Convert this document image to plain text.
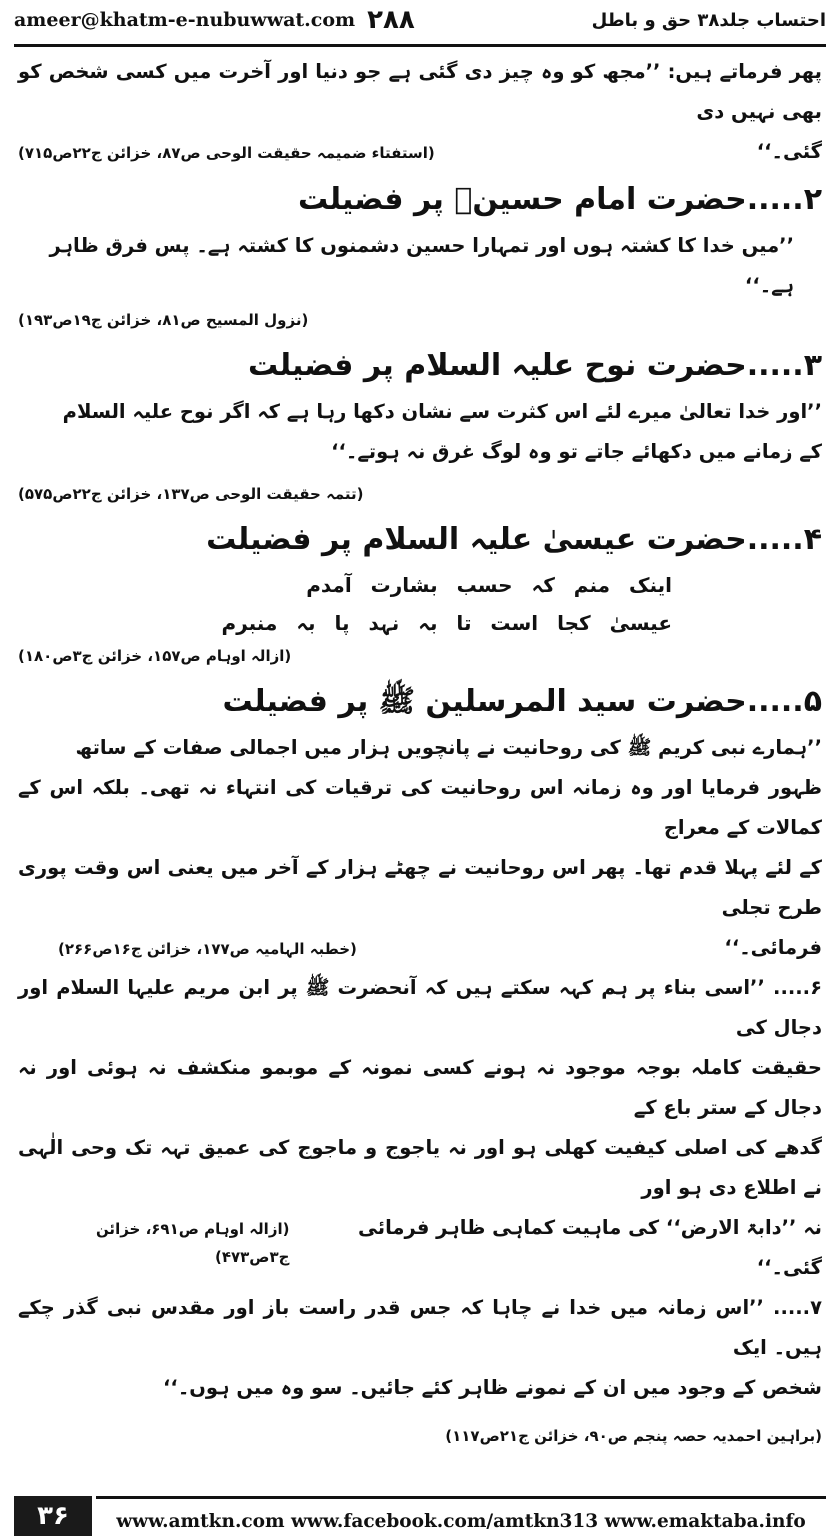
ameer@khatm-e-nubuwwat.com ۲۸۸	احتساب جلد۳۸ حق و باطل
پھر فرماتے ہیں: ’’مجھ کو وہ چیز دی گئی ہے جو دنیا اور آخرت میں کسی شخص کو بھی نہیں دی
گئی۔‘‘
(استفتاء ضمیمہ حقیقت الوحی ص۸۷، خزائن ج۲۲ص۷۱۵)
۲.....حضرت امام حسینؓ پر فضیلت
’’میں خدا کا کشتہ ہوں اور تمہارا حسین دشمنوں کا کشتہ ہے۔ پس فرق ظاہر ہے۔‘‘
(نزول المسیح ص۸۱، خزائن ج۱۹ص۱۹۳)
۳.....حضرت نوح علیہ السلام پر فضیلت
’’اور خدا تعالیٰ میرے لئے اس کثرت سے نشان دکھا رہا ہے کہ اگر نوح علیہ السلام
کے زمانے میں دکھائے جاتے تو وہ لوگ غرق نہ ہوتے۔‘‘
(تتمہ حقیقت الوحی ص۱۳۷، خزائن ج۲۲ص۵۷۵)
۴.....حضرت عیسیٰ علیہ السلام پر فضیلت
اینک منم کہ حسب بشارت آمدم
عیسیٰ کجا است تا بہ نہد پا بہ منبرم
(ازالہ اوہام ص۱۵۷، خزائن ج۳ص۱۸۰)
۵.....حضرت سید المرسلین ﷺ پر فضیلت
’’ہمارے نبی کریم ﷺ کی روحانیت نے پانچویں ہزار میں اجمالی صفات کے ساتھ
ظہور فرمایا اور وہ زمانہ اس روحانیت کی ترقیات کی انتہاء نہ تھی۔ بلکہ اس کے کمالات کے معراج
کے لئے پہلا قدم تھا۔ پھر اس روحانیت نے چھٹے ہزار کے آخر میں یعنی اس وقت پوری طرح تجلی
فرمائی۔‘‘
(خطبہ الہامیہ ص۱۷۷، خزائن ج۱۶ص۲۶۶)
۶..... ’’اسی بناء پر ہم کہہ سکتے ہیں کہ آنحضرت ﷺ پر ابن مریم علیہا السلام اور دجال کی
حقیقت کاملہ بوجہ موجود نہ ہونے کسی نمونہ کے موبمو منکشف نہ ہوئی اور نہ دجال کے ستر باع کے
گدھے کی اصلی کیفیت کھلی ہو اور نہ یاجوج و ماجوج کی عمیق تہہ تک وحی الٰہی نے اطلاع دی ہو اور
نہ ’’دابۃ الارض‘‘ کی ماہیت کماہی ظاہر فرمائی گئی۔‘‘
(ازالہ اوہام ص۶۹۱، خزائن ج۳ص۴۷۳)
۷..... ’’اس زمانہ میں خدا نے چاہا کہ جس قدر راست باز اور مقدس نبی گذر چکے ہیں۔ ایک
شخص کے وجود میں ان کے نمونے ظاہر کئے جائیں۔ سو وہ میں ہوں۔‘‘
(براہین احمدیہ حصہ پنجم ص۹۰، خزائن ج۲۱ص۱۱۷)
۳۶	www.amtkn.com www.facebook.com/amtkn313 www.emaktaba.info
